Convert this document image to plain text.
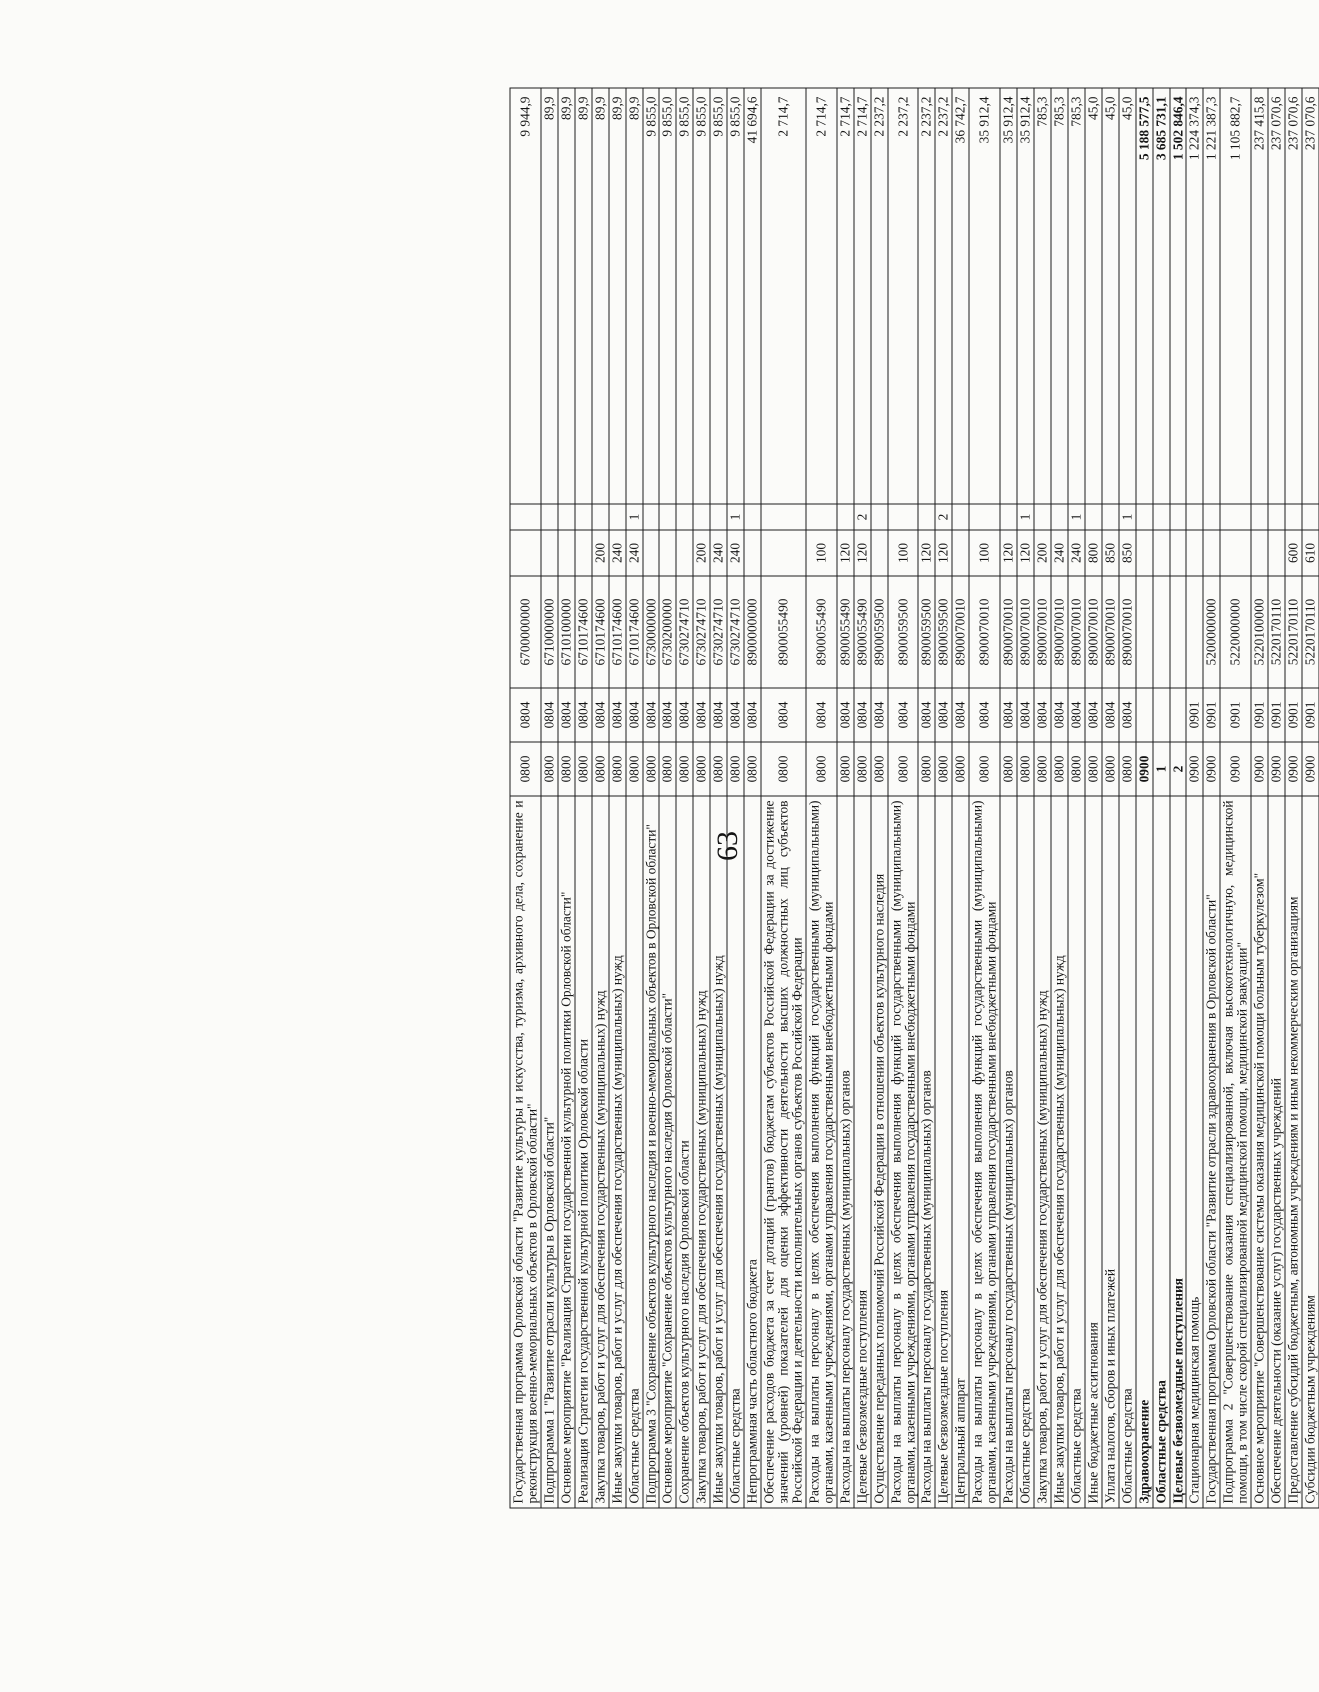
63
Государственная программа Орловской области "Развитие культуры и искусства, туризма, архивного дела, сохранение и реконструкция военно-мемориальных объектов в Орловской области"	0800	0804	6700000000			9 944,9
Подпрограмма 1 "Развитие отрасли культуры в Орловской области"	0800	0804	6710000000			89,9
Основное мероприятие "Реализация Стратегии государственной культурной политики Орловской области"	0800	0804	6710100000			89,9
Реализация Стратегии государственной культурной политики Орловской области	0800	0804	6710174600			89,9
Закупка товаров, работ и услуг для обеспечения государственных (муниципальных) нужд	0800	0804	6710174600	200		89,9
Иные закупки товаров, работ и услуг для обеспечения государственных (муниципальных) нужд	0800	0804	6710174600	240		89,9
Областные средства	0800	0804	6710174600	240	1	89,9
Подпрограмма 3 "Сохранение объектов культурного наследия и военно-мемориальных объектов в Орловской области"	0800	0804	6730000000			9 855,0
Основное мероприятие "Сохранение объектов культурного наследия Орловской области"	0800	0804	6730200000			9 855,0
Сохранение объектов культурного наследия Орловской области	0800	0804	6730274710			9 855,0
Закупка товаров, работ и услуг для обеспечения государственных (муниципальных) нужд	0800	0804	6730274710	200		9 855,0
Иные закупки товаров, работ и услуг для обеспечения государственных (муниципальных) нужд	0800	0804	6730274710	240		9 855,0
Областные средства	0800	0804	6730274710	240	1	9 855,0
Непрограммная часть областного бюджета	0800	0804	8900000000			41 694,6
Обеспечение расходов бюджета за счет дотаций (грантов) бюджетам субъектов Российской Федерации за достижение значений (уровней) показателей для оценки эффективности деятельности высших должностных лиц субъектов Российской Федерации и деятельности исполнительных органов субъектов Российской Федерации	0800	0804	8900055490			2 714,7
Расходы на выплаты персоналу в целях обеспечения выполнения функций государственными (муниципальными) органами, казенными учреждениями, органами управления государственными внебюджетными фондами	0800	0804	8900055490	100		2 714,7
Расходы на выплаты персоналу государственных (муниципальных) органов	0800	0804	8900055490	120		2 714,7
Целевые безвозмездные поступления	0800	0804	8900055490	120	2	2 714,7
Осуществление переданных полномочий Российской Федерации в отношении объектов культурного наследия	0800	0804	8900059500			2 237,2
Расходы на выплаты персоналу в целях обеспечения выполнения функций государственными (муниципальными) органами, казенными учреждениями, органами управления государственными внебюджетными фондами	0800	0804	8900059500	100		2 237,2
Расходы на выплаты персоналу государственных (муниципальных) органов	0800	0804	8900059500	120		2 237,2
Целевые безвозмездные поступления	0800	0804	8900059500	120	2	2 237,2
Центральный аппарат	0800	0804	8900070010			36 742,7
Расходы на выплаты персоналу в целях обеспечения выполнения функций государственными (муниципальными) органами, казенными учреждениями, органами управления государственными внебюджетными фондами	0800	0804	8900070010	100		35 912,4
Расходы на выплаты персоналу государственных (муниципальных) органов	0800	0804	8900070010	120		35 912,4
Областные средства	0800	0804	8900070010	120	1	35 912,4
Закупка товаров, работ и услуг для обеспечения государственных (муниципальных) нужд	0800	0804	8900070010	200		785,3
Иные закупки товаров, работ и услуг для обеспечения государственных (муниципальных) нужд	0800	0804	8900070010	240		785,3
Областные средства	0800	0804	8900070010	240	1	785,3
Иные бюджетные ассигнования	0800	0804	8900070010	800		45,0
Уплата налогов, сборов и иных платежей	0800	0804	8900070010	850		45,0
Областные средства	0800	0804	8900070010	850	1	45,0
Здравоохранение	0900					5 188 577,5
Областные средства	1					3 685 731,1
Целевые безвозмездные поступления	2					1 502 846,4
Стационарная медицинская помощь	0900	0901				1 224 374,3
Государственная программа Орловской области "Развитие отрасли здравоохранения в Орловской области"	0900	0901	5200000000			1 221 387,3
Подпрограмма 2 "Совершенствование оказания специализированной, включая высокотехнологичную, медицинской помощи, в том числе скорой специализированной медицинской помощи, медицинской эвакуации"	0900	0901	5220000000			1 105 882,7
Основное мероприятие "Совершенствование системы оказания медицинской помощи больным туберкулезом"	0900	0901	5220100000			237 415,8
Обеспечение деятельности (оказание услуг) государственных учреждений	0900	0901	5220170110			237 070,6
Предоставление субсидий бюджетным, автономным учреждениям и иным некоммерческим организациям	0900	0901	5220170110	600		237 070,6
Субсидии бюджетным учреждениям	0900	0901	5220170110	610		237 070,6
